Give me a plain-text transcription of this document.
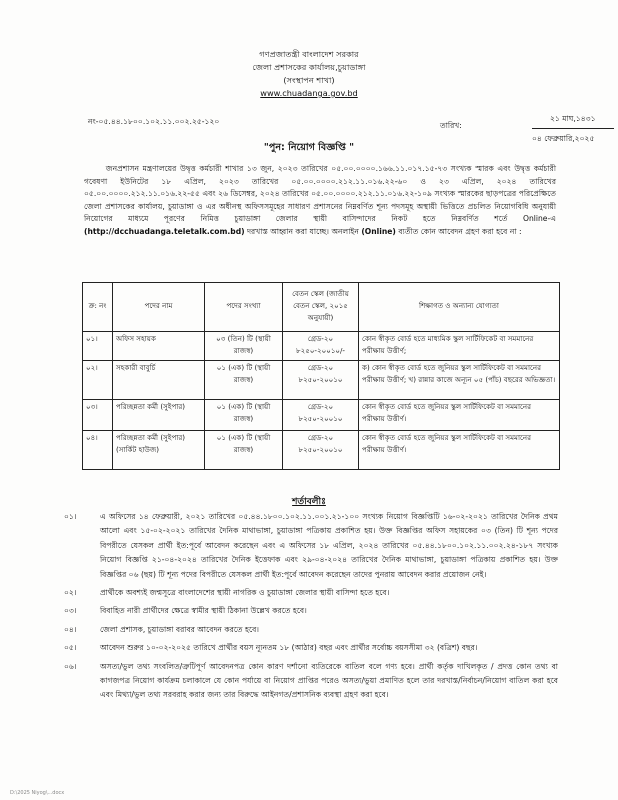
গণপ্রজাতন্ত্রী বাংলাদেশ সরকার
জেলা প্রশাসকের কার্যালয়,চুয়াডাঙ্গা
(সংস্থাপন শাখা)
www.chuadanga.gov.bd
নং-০৫.৪৪.১৮০০.১০২.১১.০০২.২৫-১২০	তারিখ:
২১ মাঘ,১৪৩১
০৪ ফেব্রুয়ারি,২০২৫
"পুন: নিয়োগ বিজ্ঞপ্তি "
জনপ্রশাসন মন্ত্রণালয়ের উদ্বৃত্ত কর্মচারী শাখার ১৩ জুন, ২০২৩ তারিখের ০৫.০০.০০০০.১৬৬.১১.০১৭.১৫-৭৩ সংখ্যক স্মারক এবং উদ্বৃত্ত কর্মচারী গবেষণা ইউনিটের ১৮ এপ্রিল, ২০২৩ তারিখের ০৫.০০.০০০০.২১২.১১.০১৬.২২-৬০ ও ২৩ এপ্রিল, ২০২৪ তারিখের ০৫.০০.০০০০.২১২.১১.০১৬.২২-৫৫ এবং ২৬ ডিসেম্বর, ২০২৪ তারিখের ০৫.০০.০০০০.২১২.১১.০১৬.২২-১০৯ সংখ্যক স্মারকের ছাড়পত্রের পরিপ্রেক্ষিতে জেলা প্রশাসকের কার্যালয়, চুয়াডাঙ্গা ও এর অধীনস্থ অফিসসমূহের সাধারণ প্রশাসনের নিম্নবর্ণিত শূন্য পদসমূহ অস্থায়ী ভিত্তিতে প্রচলিত নিয়োগবিধি অনুযায়ী নিয়োগের মাধ্যমে পূরণের নিমিত্ত চুয়াডাঙ্গা জেলার স্থায়ী বাসিন্দাদের নিকট হতে নিম্নবর্ণিত শর্তে Online-এ (http://dcchuadanga.teletalk.com.bd) দরখাস্ত আহ্বান করা যাচ্ছে। অনলাইন (Online) ব্যতীত কোন আবেদন গ্রহণ করা হবে না :
ক্র: নং	পদের নাম	পদের সংখ্যা	বেতন স্কেল (জাতীয় বেতন স্কেল, ২০১৫ অনুযায়ী)	শিক্ষাগত ও অন্যান্য যোগ্যতা
০১।	অফিস সহায়ক	০৩ (তিন) টি (স্থায়ী রাজস্ব)	গ্রেড-২০ ৮২৫০-২০০১০/-	কোন স্বীকৃত বোর্ড হতে মাধ্যমিক স্কুল সার্টিফিকেট বা সমমানের পরীক্ষায় উত্তীর্ণ;
০২।	সহকারী বাবুর্চি	০১ (এক) টি (স্থায়ী রাজস্ব)	গ্রেড-২০ ৮২৫০-২০০১০	ক) কোন স্বীকৃত বোর্ড হতে জুনিয়র স্কুল সার্টিফিকেট বা সমমানের পরীক্ষায় উত্তীর্ণ; খ) রান্নার কাজে অন্যূন ০৫ (পাঁচ) বছরের অভিজ্ঞতা।
০৩।	পরিচ্ছন্নতা কর্মী (সুইপার)	০১ (এক) টি (স্থায়ী রাজস্ব)	গ্রেড-২০ ৮২৫০-২০০১০	কোন স্বীকৃত বোর্ড হতে জুনিয়র স্কুল সার্টিফিকেট বা সমমানের পরীক্ষায় উত্তীর্ণ।
০৪।	পরিচ্ছন্নতা কর্মী (সুইপার) (সার্কিট হাউজ)	০১ (এক) টি (স্থায়ী রাজস্ব)	গ্রেড-২০ ৮২৫০-২০০১০	কোন স্বীকৃত বোর্ড হতে জুনিয়র স্কুল সার্টিফিকেট বা সমমানের পরীক্ষায় উত্তীর্ণ।
শর্তাবলীঃ
০১।	এ অফিসের ১৪ ফেব্রুয়ারী, ২০২১ তারিখের ০৫.৪৪.১৮০০.১০২.১১.০০১.২১-১০০ সংখ্যক নিয়োগ বিজ্ঞপ্তিটি ১৬-০২-২০২১ তারিখের দৈনিক প্রথম আলো এবং ১৫-০২-২০২১ তারিখের দৈনিক মাথাভাঙ্গা, চুয়াডাঙ্গা পত্রিকায় প্রকাশিত হয়। উক্ত বিজ্ঞপ্তির অফিস সহায়কের ০৩ (তিন) টি শূন্য পদের বিপরীতে যেসকল প্রার্থী ইত:পূর্বে আবেদন করেছেন এবং এ অফিসের ১৮ এপ্রিল, ২০২৪ তারিখের ০৫.৪৪.১৮০০.১০২.১১.০০২.২৪-১৮৭ সংখ্যক নিয়োগ বিজ্ঞপ্তি ২১-০৪-২০২৪ তারিখের দৈনিক ইত্তেফাক এবং ২৯-০৪-২০২৪ তারিখের দৈনিক মাথাভাঙ্গা, চুয়াডাঙ্গা পত্রিকায় প্রকাশিত হয়। উক্ত বিজ্ঞপ্তির ০৬ (ছয়) টি শূন্য পদের বিপরীতে যেসকল প্রার্থী ইত:পূর্বে আবেদন করেছেন তাদের পুনরায় আবেদন করার প্রয়োজন নেই।
০২।	প্রার্থীকে অবশ্যই জন্মসূত্রে বাংলাদেশের স্থায়ী নাগরিক ও চুয়াডাঙ্গা জেলার স্থায়ী বাসিন্দা হতে হবে।
০৩।	বিবাহিত নারী প্রার্থীদের ক্ষেত্রে স্বামীর স্থায়ী ঠিকানা উল্লেখ করতে হবে।
০৪।	জেলা প্রশাসক, চুয়াডাঙ্গা বরাবর আবেদন করতে হবে।
০৫।	আবেদন শুরুর ১০-০২-২০২৫ তারিখে প্রার্থীর বয়স ন্যূনতম ১৮ (আঠার) বছর এবং প্রার্থীর সর্বোচ্চ বয়সসীমা ৩২ (বত্রিশ) বছর।
০৬।	অসত্য/ভুল তথ্য সংবলিত/ত্রুটিপূর্ণ আবেদনপত্র কোন কারণ দর্শানো ব্যতিরেকে বাতিল বলে গণ্য হবে। প্রার্থী কর্তৃক দাখিলকৃত / প্রদত্ত কোন তথ্য বা কাগজপত্র নিয়োগ কার্যক্রম চলাকালে যে কোন পর্যায়ে বা নিয়োগ প্রাপ্তির পরেও অসত্য/ভুয়া প্রমাণিত হলে তার দরখাস্ত/নির্বাচন/নিয়োগ বাতিল করা হবে এবং মিথ্যা/ভুল তথ্য সরবরাহ করার জন্য তার বিরুদ্ধে আইনগত/প্রশাসনিক ব্যবস্থা গ্রহণ করা হবে।
D:\2025 Niyog\...docx
